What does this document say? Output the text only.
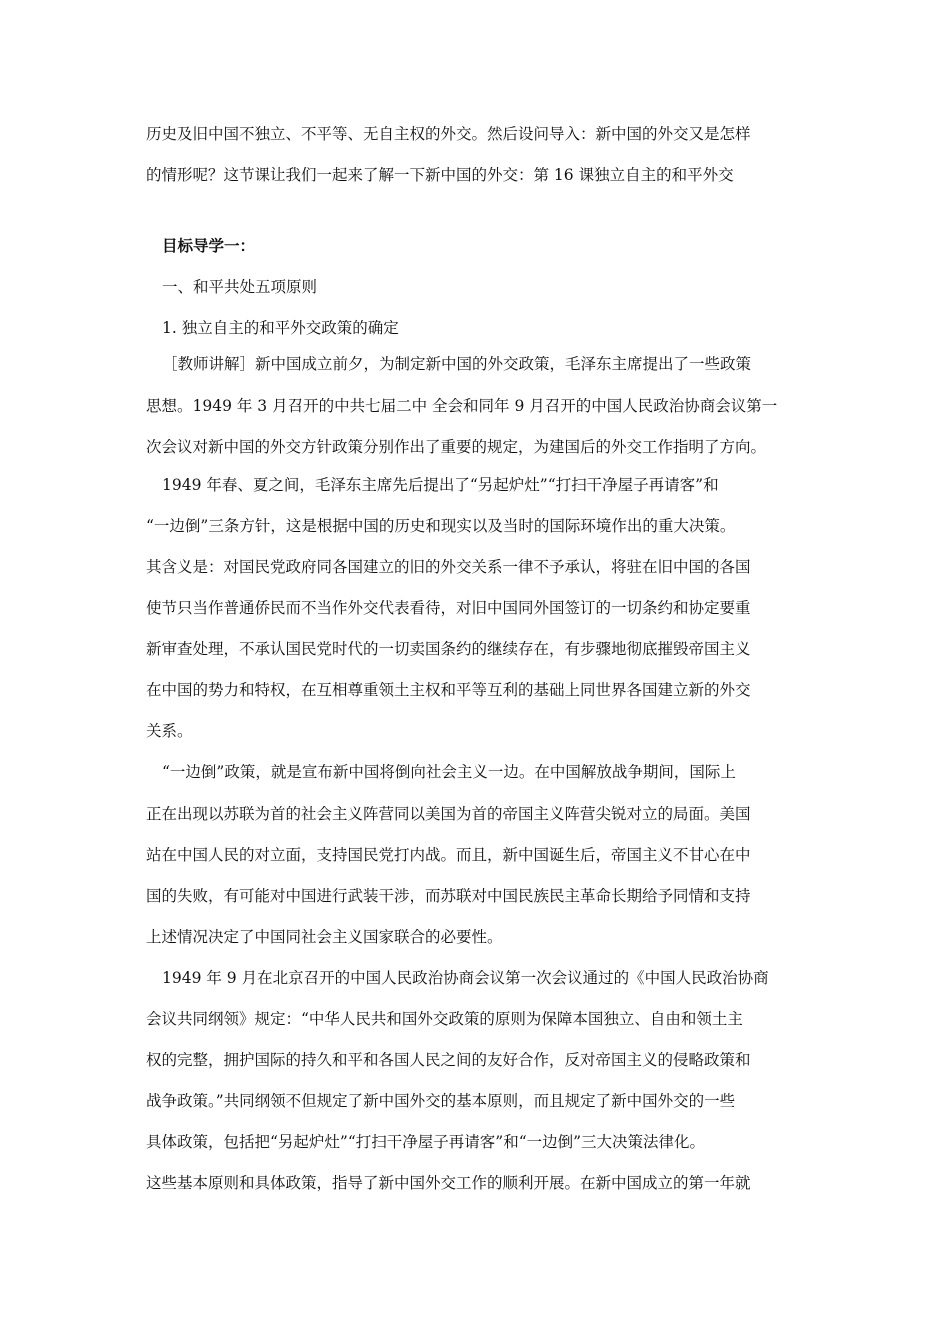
历史及旧中国不独立、不平等、无自主权的外交。然后设问导入：新中国的外交又是怎样
的情形呢？这节课让我们一起来了解一下新中国的外交：第 16 课独立自主的和平外交
目标导学一：
一、和平共处五项原则
1. 独立自主的和平外交政策的确定
［教师讲解］新中国成立前夕，为制定新中国的外交政策，毛泽东主席提出了一些政策
思想。1949 年 3 月召开的中共七届二中 全会和同年 9 月召开的中国人民政治协商会议第一
次会议对新中国的外交方针政策分别作出了重要的规定，为建国后的外交工作指明了方向。
1949 年春、夏之间，毛泽东主席先后提出了“另起炉灶”“打扫干净屋子再请客”和
“一边倒”三条方针，这是根据中国的历史和现实以及当时的国际环境作出的重大决策。
其含义是：对国民党政府同各国建立的旧的外交关系一律不予承认，将驻在旧中国的各国
使节只当作普通侨民而不当作外交代表看待，对旧中国同外国签订的一切条约和协定要重
新审查处理，不承认国民党时代的一切卖国条约的继续存在，有步骤地彻底摧毁帝国主义
在中国的势力和特权，在互相尊重领土主权和平等互利的基础上同世界各国建立新的外交
关系。
“一边倒”政策，就是宣布新中国将倒向社会主义一边。在中国解放战争期间，国际上
正在出现以苏联为首的社会主义阵营同以美国为首的帝国主义阵营尖锐对立的局面。美国
站在中国人民的对立面，支持国民党打内战。而且，新中国诞生后，帝国主义不甘心在中
国的失败，有可能对中国进行武装干涉，而苏联对中国民族民主革命长期给予同情和支持
上述情况决定了中国同社会主义国家联合的必要性。
1949 年 9 月在北京召开的中国人民政治协商会议第一次会议通过的《中国人民政治协商
会议共同纲领》规定：“中华人民共和国外交政策的原则为保障本国独立、自由和领土主
权的完整，拥护国际的持久和平和各国人民之间的友好合作，反对帝国主义的侵略政策和
战争政策。”共同纲领不但规定了新中国外交的基本原则，而且规定了新中国外交的一些
具体政策，包括把“另起炉灶”“打扫干净屋子再请客”和“一边倒”三大决策法律化。
这些基本原则和具体政策，指导了新中国外交工作的顺利开展。在新中国成立的第一年就
